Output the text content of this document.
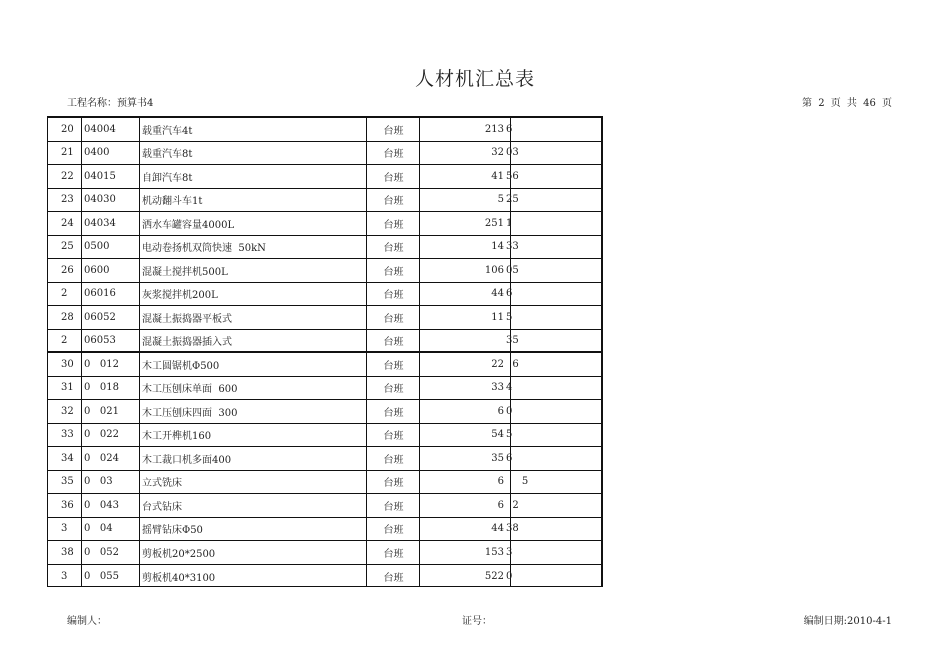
人材机汇总表
工程名称：预算书4	第 2 页 共 46 页
20	04004	载重汽车4t	台班	213 6
21	0400	载重汽车8t	台班	32 03
22	04015	自卸汽车8t	台班	41 56
23	04030	机动翻斗车1t	台班	5 25
24	04034	洒水车罐容量4000L	台班	251 1
25	0500	电动卷扬机双筒快速  50kN	台班	14 33
26	0600	混凝土搅拌机500L	台班	106 05
2	06016	灰浆搅拌机200L	台班	44 6
28	06052	混凝土振捣器平板式	台班	11 5
2	06053	混凝土振捣器插入式	台班	35
30	0   012	木工圆锯机Φ500	台班	22 6
31	0   018	木工压刨床单面  600	台班	33 4
32	0   021	木工压刨床四面  300	台班	6 0
33	0   022	木工开榫机160	台班	54 5
34	0   024	木工裁口机多面400	台班	35 6
35	0   03	立式铣床	台班	6 5
36	0   043	台式钻床	台班	6 2
3	0   04	摇臂钻床Φ50	台班	44 38
38	0   052	剪板机20*2500	台班	153 3
3	0   055	剪板机40*3100	台班	522 0
编制人：	证号：	编制日期:2010-4-1
